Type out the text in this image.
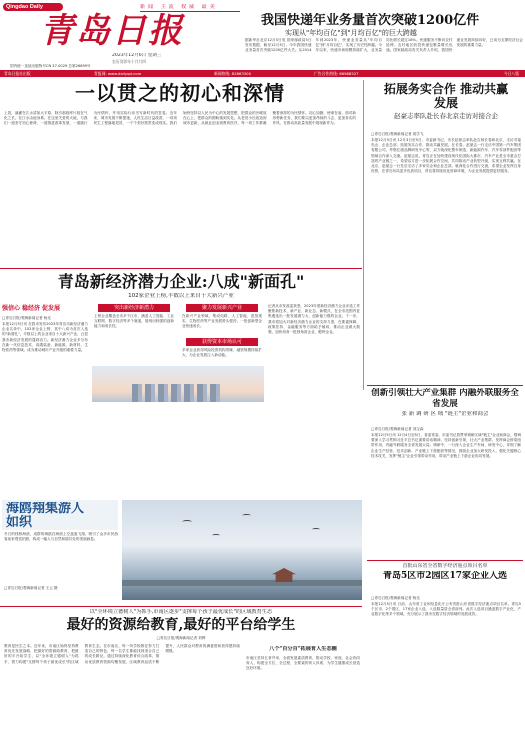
Qingdao Daily
青岛日报
2023年12月6日 星期三
农历癸卯年十月廿四
国内统一连续出版物号CN 37-0029 总第26899号
新闻 主流 权威 最美
青岛日报社出版	青报网: www.dailyqd.com	新闻热线: 82863300	广告合作热线: 66988527	今日八版
我国快递年业务量首次突破1200亿件
实现从"年均百亿"到"月均百亿"的巨大跨越
据新华社北京12月5日电 国家邮政局5日发布数据，截至12月5日，今年我国快递业务量首次突破1200亿件大关。从2014年到2023年，快递业务量从"年均百亿"到"月均百亿"，实现了历史性跨越。今年以来，快递市场规模持续扩大，业务量同比增长超过18%。快递服务不断向农村延伸，农村地区收投快递包裹量增长迅速。国家邮政局有关负责人介绍，我国快递业发展持续向好，已成为支撑经济社会发展的重要力量。
一以贯之的初心和深情
上善，滴灌在江水清如大平原，除引那段库片段在气化之长，在江水由他身系。在这里关爱的大地，与我们一道坚守初心使命，一道推进改革发展、一道践行为民情怀，并用实际行动书写新时代的答卷。近年来，城市发展不断提速，人民生活日益改善，一项项民生工程落地见效，一个个美好愿景变成现实。我们始终坚持以人民为中心的发展思想，把群众的冷暖放在心上，把群众的期盼落到实处。从老旧小区改造到城市更新，从就业创业到教育医疗，每一项工作都凝聚着深厚的为民情怀。初心如磐，使命在肩。面对新形势新任务，我们要以更加昂扬的斗志、更加务实的作风，在推动高质量发展中展现新作为。
拓展务实合作 推动共赢发展
赵豪志率队赴长春北京走访对接合企
□青岛日报/观海新闻记者 周学飞
本报12月5日讯 12月3日至5日，市委副书记、市长赵豪志率队赴吉林长春和北京，走访对接央企、企业总部，拓展务实合作，推动共赢发展。在长春，赵豪志一行走访中国第一汽车集团有限公司，考察红旗品牌研发中心等，双方就深化整车制造、新能源汽车、汽车零部件配套等领域合作深入交流。赵豪志说，青岛正在加快建设现代化国际大都市，汽车产业是全市重点打造的产业链之一，希望双方进一步拓展合作空间，共同推动产业转型升级，实现互利共赢。在北京，赵豪志一行先后走访了多家央企和企业总部，就深化合作进行交流，希望企业发挥自身优势，在青岛布局更多优质项目，青岛将持续优化营商环境，为企业发展提供更好服务。
青岛新经济潜力企业:八成"新面孔"
102家企业上榜,半数以上来自十大新兴产业
强信心 稳经济 促发展
□青岛日报/观海新闻记者 杨光
本报12月5日讯 在我市发布2023年青岛市新经济潜力企业名单中，102家企业上榜，其中八成为首次入选的"新面孔"，半数以上的企业来自十大新兴产业，凸显我市新经济发展的蓬勃活力。新经济潜力企业多分布在新一代信息技术、高端装备、新能源、新材料、生物医药等领域，成为推动城市产业升级的重要力量。
突出新经济新潜力
上榜企业覆盖全市多个区市，涵盖人工智能、工业互联网、数字经济等多个赛道，展现出较强的创新能力和成长性。
聚力发展新兴产业
在新兴产业领域，集成电路、人工智能、虚拟现实、生物医药等产业发展势头强劲，一批创新型企业快速成长。
获得资本市场认可
多家企业获得风险投资机构青睐，融资规模持续扩大，为企业发展注入新动能。
记者从市发改委获悉，2023年度新经济潜力企业评选工作聚焦新技术、新产业、新业态、新模式，在全市范围内征集遴选出一批发展潜力大、创新能力强的企业。下一步，我市将加大对新经济潜力企业的支持力度，在要素保障、政策扶持、金融服务等方面给予倾斜，推动企业做大做强，加快培育一批独角兽企业、瞪羚企业。
海鸥翔集游人如织
冬日的栈桥海滨，成群的海鸥在海面上空盘旋飞翔，吸引了众多市民游客前来观赏拍照，构成一幅人与自然和谐共处的美丽画卷。
□青岛日报/观海新闻记者 王云 摄
创新引领壮大产业集群 内融外联服务全省发展
张 新 调 研 区 域 "链主"企业和商会
□青岛日报/观海新闻记者 刘宝森
本报12月5日讯 12月4日至5日，省委常委、市委书记曾赞荣调研区域"链主"企业和商会，强调要深入学习贯彻习近平总书记重要讲话精神，坚持创新引领，壮大产业集群，发挥商会桥梁纽带作用，内融外联服务全省发展大局。调研中，一行深入企业生产车间、研发中心，详细了解企业生产经营、技术创新、产业链上下游配套等情况，鼓励企业加大研发投入，强化关键核心技术攻关，发挥"链主"企业引领带动作用，带动产业链上下游企业协同发展。
首批山东省全省数字经济重点项目名单
青岛5区市2园区17家企业入选
□青岛日报/观海新闻记者 杨光
本报12月5日讯 日前，山东省工业和信息化厅公布首批山东省数字经济重点项目名单。青岛5个区市、2个园区、17家企业入选，入选数量居全省前列。此次入选项目涵盖数字产业化、产业数字化等多个领域，充分展示了我市在数字经济领域的发展成效。
以"全环境立德树人"为抓手,市南区逐步"支撑每个孩子最优成长"的区域教育生态
最好的资源给教育,最好的平台给学生
□青岛日报/观海新闻记者 刘辉
教育是民生之本。近年来，市南区始终坚持教育优先发展战略，把最好的资源给教育，把最好的平台给学生，以"全环境立德树人"为抓手，着力构建"支撑每个孩子最优成长"的区域教育生态。在市南区，每一所学校都在努力打造自己的特色，每一名学生都能找到适合自己的成长路径。通过持续深化教育综合改革，推动优质教育资源均衡发展，区域教育品质不断提升，人民群众对教育的满意度和获得感持续增强。	八个"百分百"拓展育人生态圈
市南区坚持五育并举，全面发展素质教育，推动学校、家庭、社会协同育人，构建全方位、全过程、全要素的育人体系，为学生健康成长营造良好环境。
